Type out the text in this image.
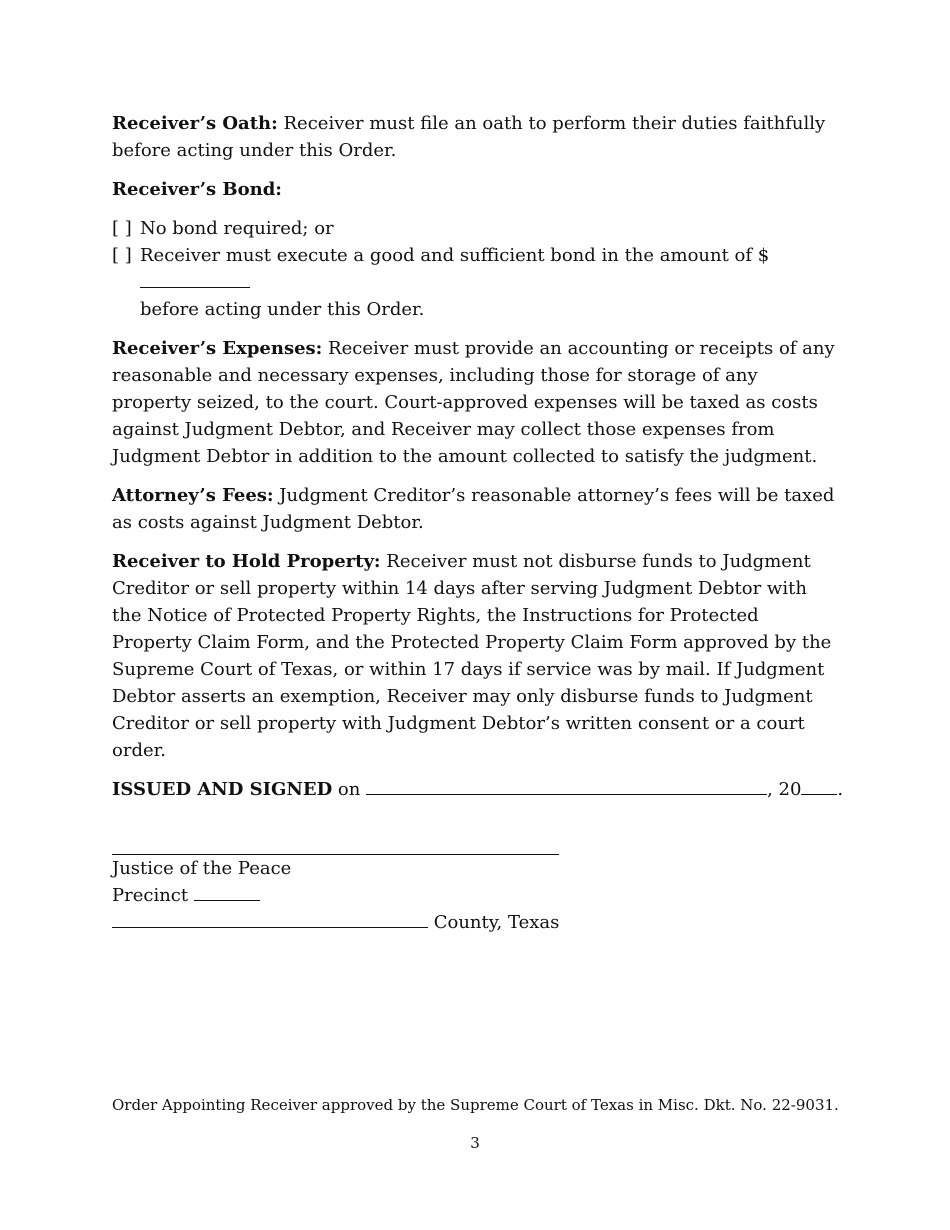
Receiver’s Oath: Receiver must file an oath to perform their duties faithfully before acting under this Order.

Receiver’s Bond:

[ ] No bond required; or
[ ] Receiver must execute a good and sufficient bond in the amount of $
before acting under this Order.

Receiver’s Expenses: Receiver must provide an accounting or receipts of any reasonable and necessary expenses, including those for storage of any property seized, to the court. Court-approved expenses will be taxed as costs against Judgment Debtor, and Receiver may collect those expenses from Judgment Debtor in addition to the amount collected to satisfy the judgment.

Attorney’s Fees: Judgment Creditor’s reasonable attorney’s fees will be taxed as costs against Judgment Debtor.

Receiver to Hold Property: Receiver must not disburse funds to Judgment Creditor or sell property within 14 days after serving Judgment Debtor with the Notice of Protected Property Rights, the Instructions for Protected Property Claim Form, and the Protected Property Claim Form approved by the Supreme Court of Texas, or within 17 days if service was by mail. If Judgment Debtor asserts an exemption, Receiver may only disburse funds to Judgment Creditor or sell property with Judgment Debtor’s written consent or a court order.

ISSUED AND SIGNED on	, 20 .

Justice of the Peace
Precinct
County, Texas
Order Appointing Receiver approved by the Supreme Court of Texas in Misc. Dkt. No. 22-9031.
3
